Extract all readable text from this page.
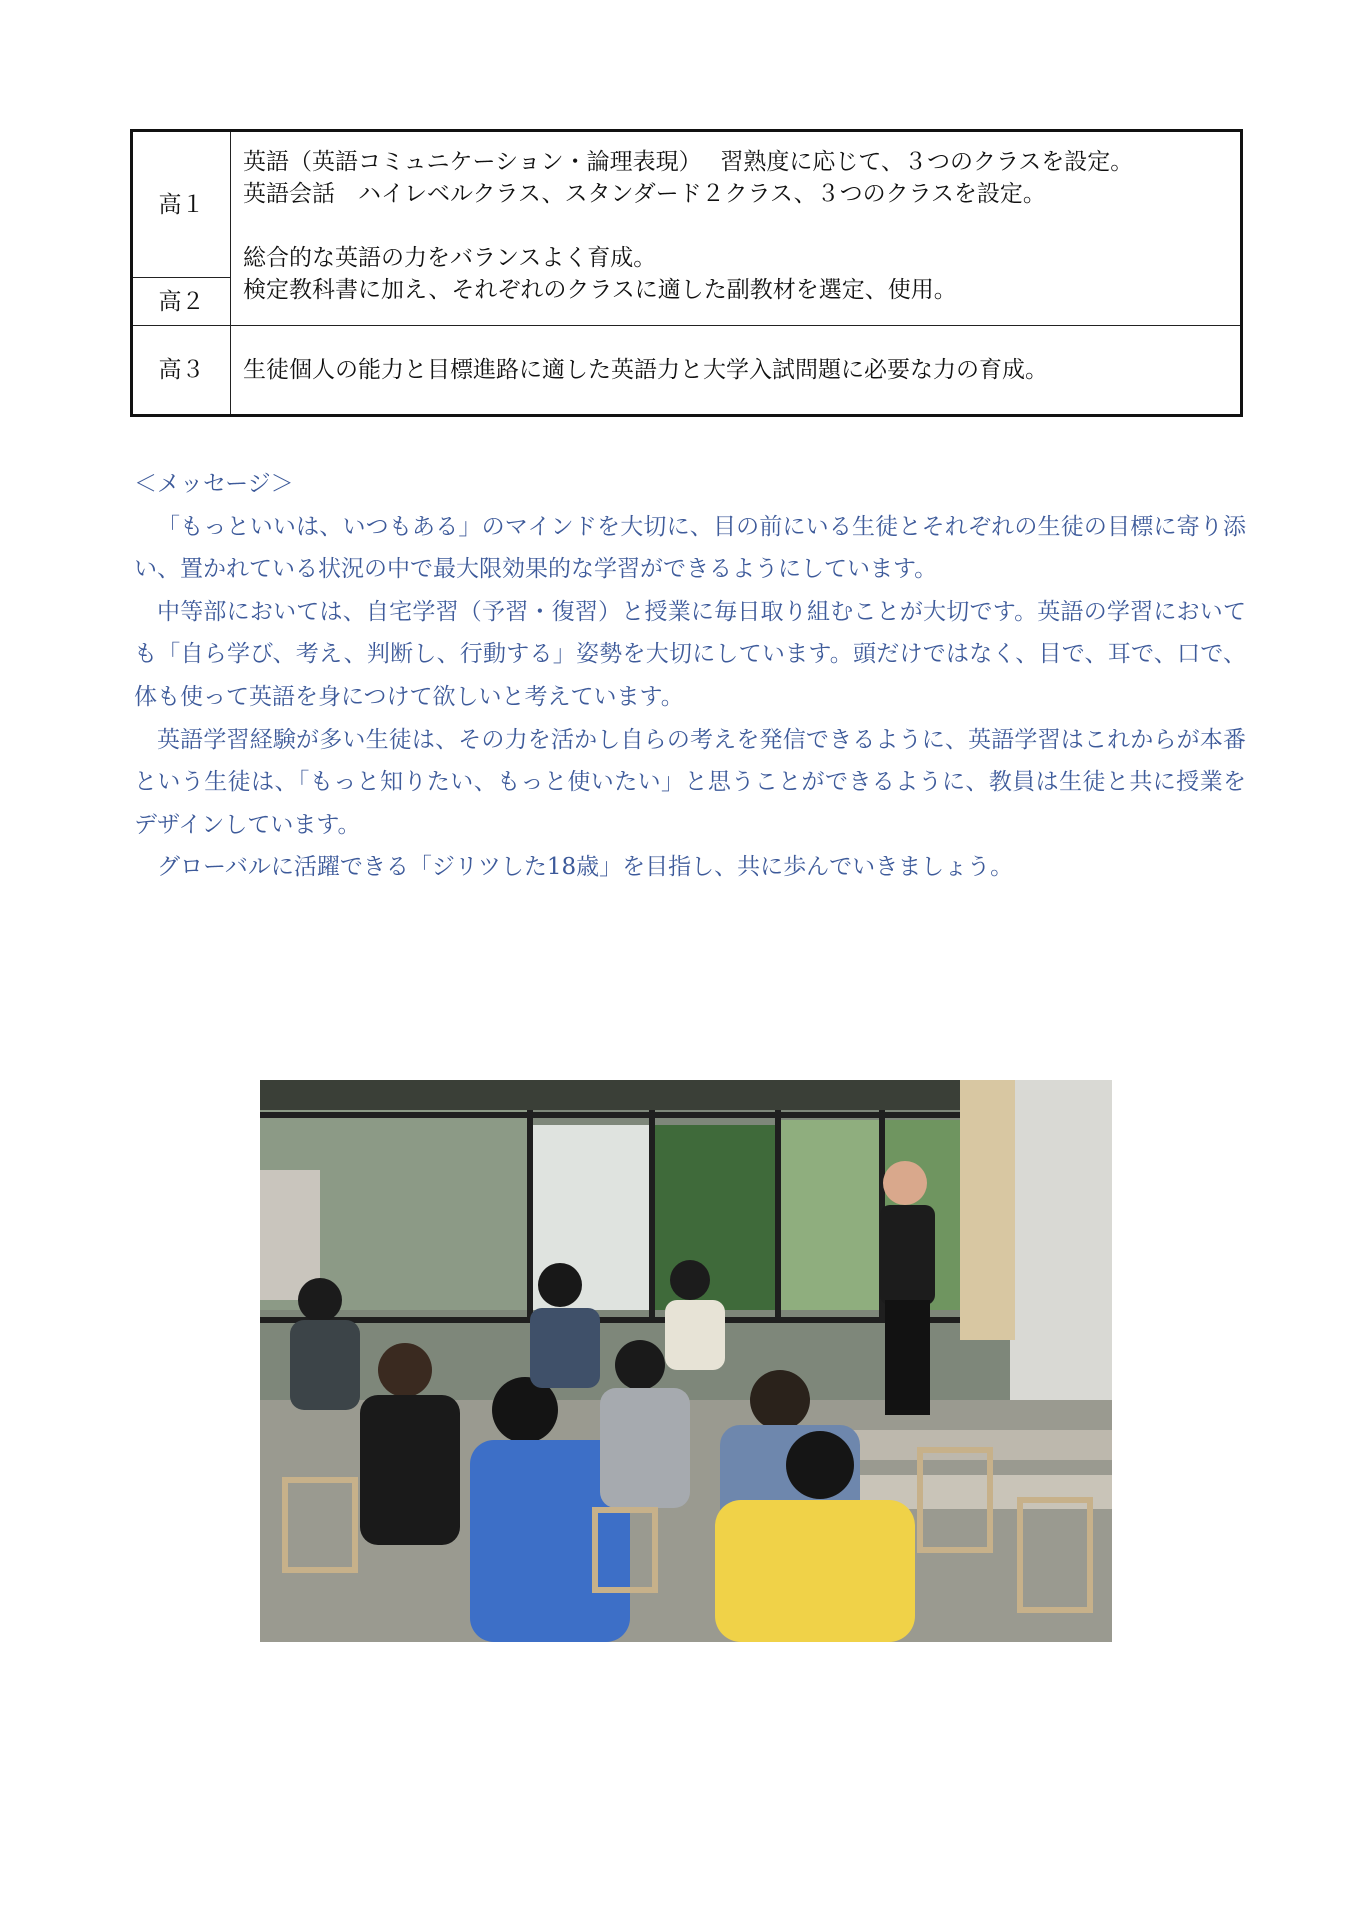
高１	英語（英語コミュニケーション・論理表現）　 習熟度に応じて、３つのクラスを設定。

英語会話　ハイレベルクラス、スタンダード２クラス、３つのクラスを設定。

総合的な英語の力をバランスよく育成。

検定教科書に加え、それぞれのクラスに適した副教材を選定、使用。

高２	
高３	生徒個人の能力と目標進路に適した英語力と大学入試問題に必要な力の育成。

＜メッセージ＞

「もっといいは、いつもある」のマインドを大切に、目の前にいる生徒とそれぞれの生徒の目標に寄り添い、置かれている状況の中で最大限効果的な学習ができるようにしています。

中等部においては、自宅学習（予習・復習）と授業に毎日取り組むことが大切です。英語の学習においても「自ら学び、考え、判断し、行動する」姿勢を大切にしています。頭だけではなく、目で、耳で、口で、体も使って英語を身につけて欲しいと考えています。

英語学習経験が多い生徒は、その力を活かし自らの考えを発信できるように、英語学習はこれからが本番という生徒は、「もっと知りたい、もっと使いたい」と思うことができるように、教員は生徒と共に授業をデザインしています。

グローバルに活躍できる「ジリツした18歳」を目指し、共に歩んでいきましょう。
